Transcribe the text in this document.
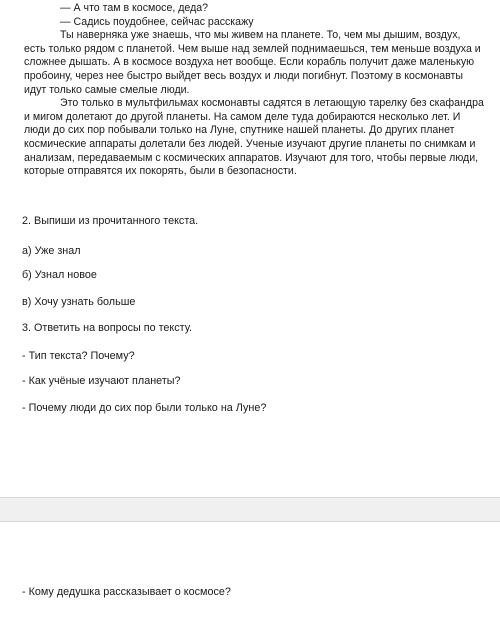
— А что там в космосе, деда?

— Садись поудобнее, сейчас расскажу

Ты наверняка уже знаешь, что мы живем на планете. То, чем мы дышим, воздух, есть только рядом с планетой. Чем выше над землей поднимаешься, тем меньше воздуха и сложнее дышать. А в космосе воздуха нет вообще. Если корабль получит даже маленькую пробоину, через нее быстро выйдет весь воздух и люди погибнут. Поэтому в космонавты идут только самые смелые люди.

Это только в мультфильмах космонавты садятся в летающую тарелку без скафандра и мигом долетают до другой планеты. На самом деле туда добираются несколько лет. И люди до сих пор побывали только на Луне, спутнике нашей планеты. До других планет космические аппараты долетали без людей. Ученые изучают другие планеты по снимкам и анализам, передаваемым с космических аппаратов. Изучают для того, чтобы первые люди, которые отправятся их покорять, были в безопасности.

2. Выпиши из прочитанного текста.
а) Уже знал
б) Узнал новое
в) Хочу узнать больше
3. Ответить на вопросы по тексту.
- Тип текста? Почему?
- Как учёные изучают планеты?
- Почему люди до сих пор были только на Луне?
- Кому дедушка рассказывает о космосе?
